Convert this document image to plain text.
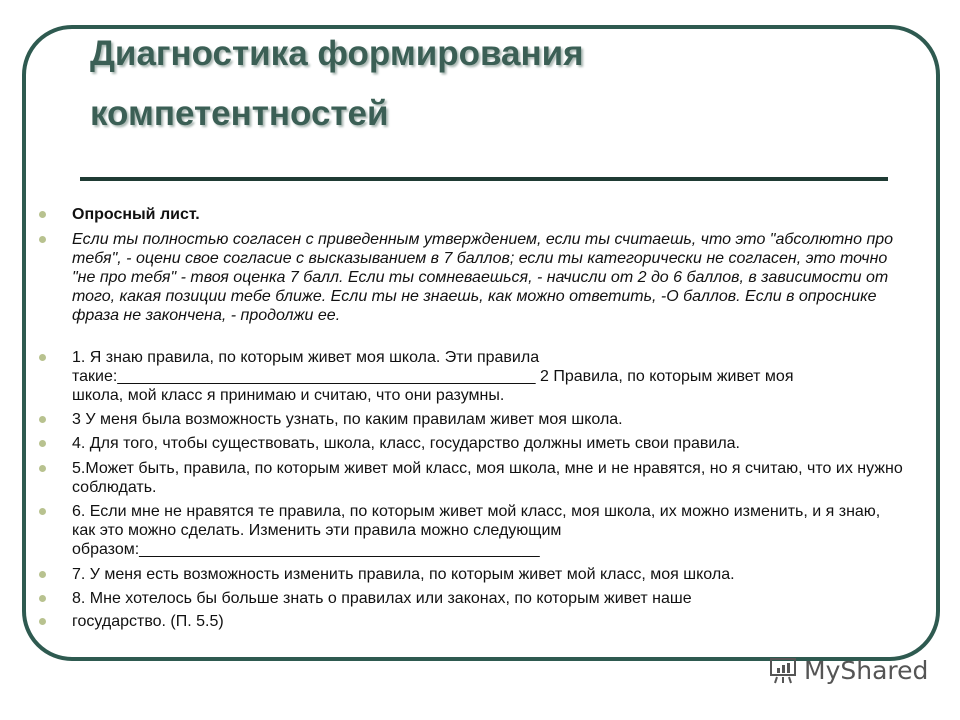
Диагностика формирования компетентностей
Опросный лист.
Если ты полностью согласен с приведенным утверждением, если ты считаешь, что это "абсолютно про тебя", - оцени свое согласие с высказыванием в 7 баллов; если ты категорически не согласен, это точно "не про тебя" - твоя оценка 7 балл. Если ты сомневаешься, - начисли от 2 до 6 баллов, в зависимости от того, какая позиции тебе ближе. Если ты не знаешь, как можно ответить, -О баллов. Если в опроснике фраза не закончена, - продолжи ее.
1. Я знаю правила, по которым живет моя школа. Эти правила такие:_______________________________________________ 2 Правила, по которым живет моя школа, мой класс я принимаю и считаю, что они разумны.
3 У меня была возможность узнать, по каким правилам живет моя школа.
4. Для того, чтобы существовать, школа, класс, государство должны иметь свои правила.
5.Может быть, правила, по которым живет мой класс, моя школа, мне и не нравятся, но я считаю, что их нужно соблюдать.
6. Если мне не нравятся те правила, по которым живет мой класс, моя школа, их можно изменить, и я знаю, как это можно сделать. Изменить эти правила можно следующим образом:_____________________________________________
7. У меня есть возможность изменить правила, по которым живет мой класс, моя школа.
8. Мне хотелось бы больше знать о правилах или законах, по которым живет наше
государство. (П. 5.5)
MyShared
